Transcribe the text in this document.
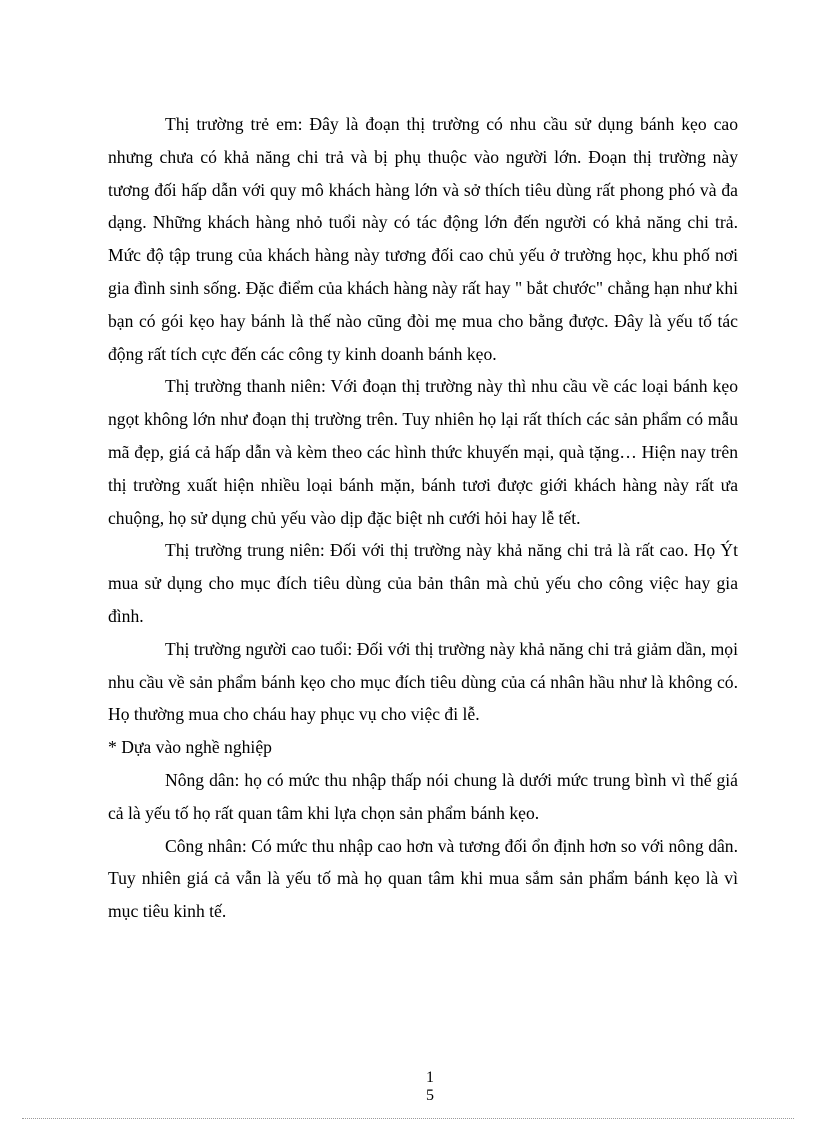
Thị trường trẻ em: Đây là đoạn thị trường có nhu cầu sử dụng bánh kẹo cao nhưng chưa có khả năng chi trả và bị phụ thuộc vào người lớn. Đoạn thị trường này tương đối hấp dẫn với quy mô khách hàng lớn và sở thích tiêu dùng rất phong phó và đa dạng. Những khách hàng nhỏ tuổi này có tác động lớn đến người có khả năng chi trả. Mức độ tập trung của khách hàng này tương đối cao chủ yếu ở trường học, khu phố nơi gia đình sinh sống. Đặc điểm của khách hàng này rất hay " bắt chước" chẳng hạn như khi bạn có gói kẹo hay bánh là thế nào cũng đòi mẹ mua cho bằng được. Đây là yếu tố tác động rất tích cực đến các công ty kinh doanh bánh kẹo.

Thị trường thanh niên: Với đoạn thị trường này thì nhu cầu về các loại bánh kẹo ngọt không lớn như đoạn thị trường trên. Tuy nhiên họ lại rất thích các sản phẩm có mẫu mã đẹp, giá cả hấp dẫn và kèm theo các hình thức khuyến mại, quà tặng… Hiện nay trên thị trường xuất hiện nhiều loại bánh mặn, bánh tươi được giới khách hàng này rất ưa chuộng, họ sử dụng chủ yếu vào dịp đặc biệt nh cưới hỏi hay lễ tết.

Thị trường trung niên: Đối với thị trường này khả năng chi trả là rất cao. Họ Ýt mua sử dụng cho mục đích tiêu dùng của bản thân mà chủ yếu cho công việc hay gia đình.

Thị trường người cao tuổi: Đối với thị trường này khả năng chi trả giảm dần, mọi nhu cầu về sản phẩm bánh kẹo cho mục đích tiêu dùng của cá nhân hầu như là không có. Họ thường mua cho cháu hay phục vụ cho việc đi lễ.

* Dựa vào nghề nghiệp

Nông dân: họ có mức thu nhập thấp nói chung là dưới mức trung bình vì thế giá cả là yếu tố họ rất quan tâm khi lựa chọn sản phẩm bánh kẹo.

Công nhân: Có mức thu nhập cao hơn và tương đối ổn định hơn so với nông dân. Tuy nhiên giá cả vẫn là yếu tố mà họ quan tâm khi mua sắm sản phẩm bánh kẹo là vì mục tiêu kinh tế.

1
5
